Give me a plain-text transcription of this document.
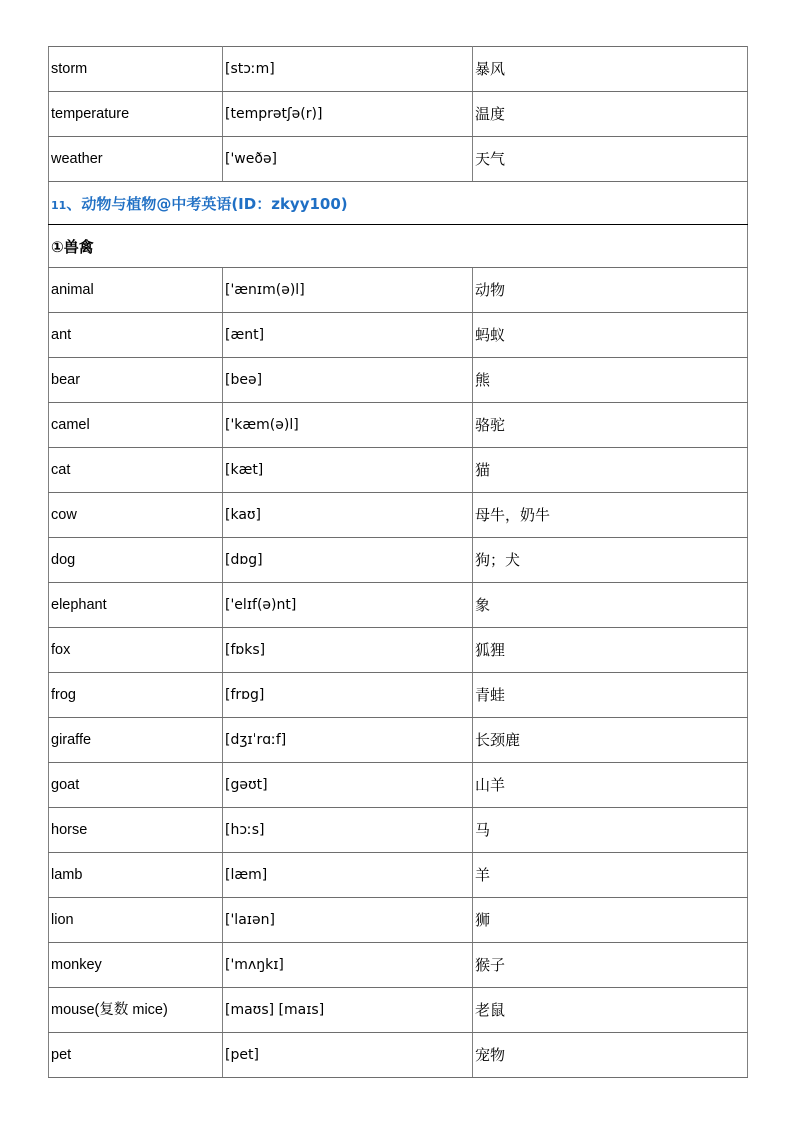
storm	[stɔːm]	暴风
temperature	[temprətʃə(r)]	温度
weather	['weðə]	天气
11、动物与植物@中考英语(ID：zkyy100)		
①兽禽		
animal	['ænɪm(ə)l]	动物
ant	[ænt]	蚂蚁
bear	[beə]	熊
camel	['kæm(ə)l]	骆驼
cat	[kæt]	猫
cow	[kaʊ]	母牛，奶牛
dog	[dɒg]	狗；犬
elephant	['elɪf(ə)nt]	象
fox	[fɒks]	狐狸
frog	[frɒg]	青蛙
giraffe	[dʒɪˈrɑːf]	长颈鹿
goat	[gəʊt]	山羊
horse	[hɔːs]	马
lamb	[læm]	羊
lion	['laɪən]	狮
monkey	['mʌŋkɪ]	猴子
mouse(复数 mice)	[maʊs] [maɪs]	老鼠
pet	[pet]	宠物
